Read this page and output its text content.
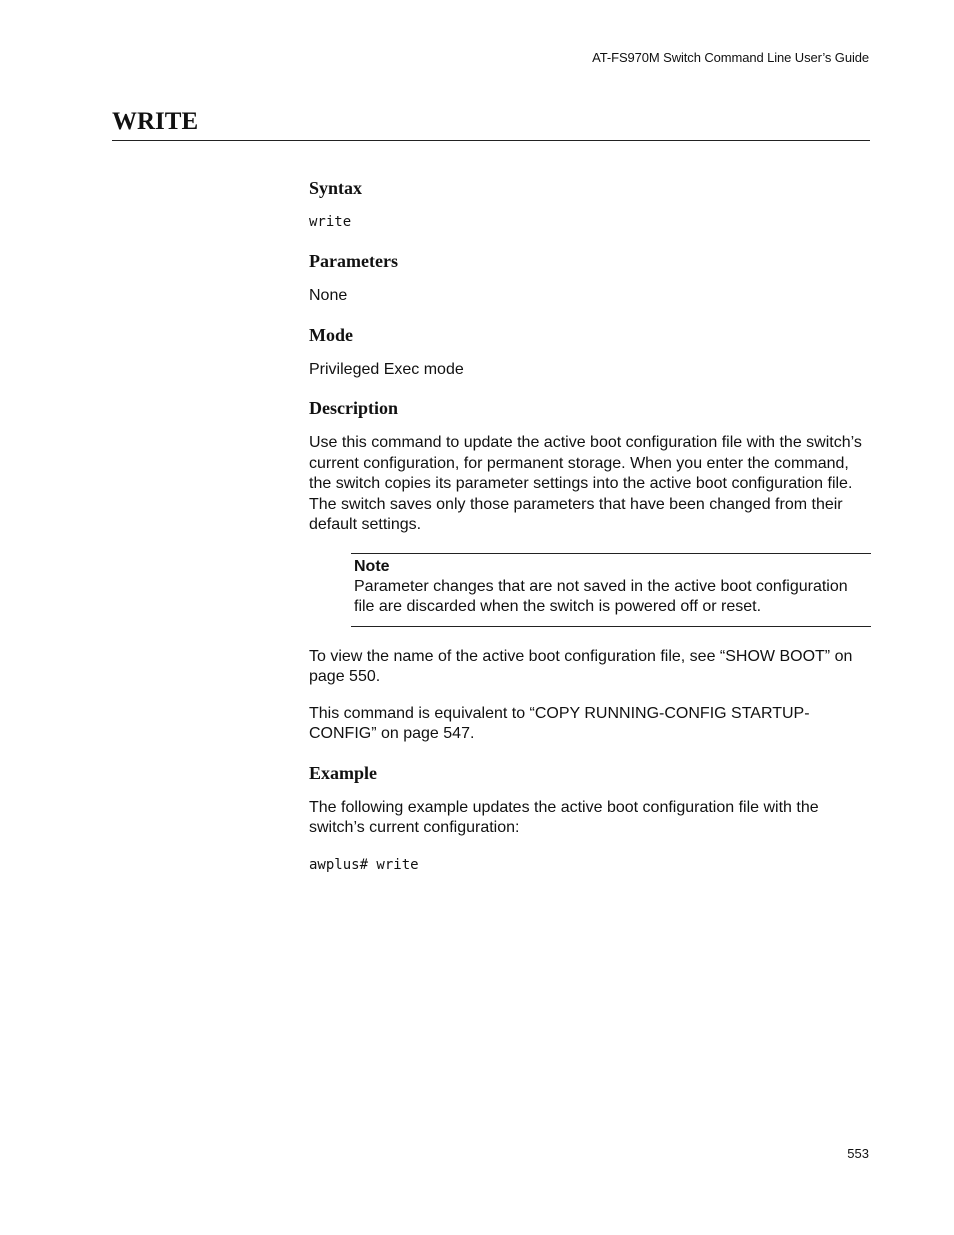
AT-FS970M Switch Command Line User’s Guide
WRITE
Syntax
write
Parameters
None
Mode
Privileged Exec mode
Description
Use this command to update the active boot configuration file with the switch’s current configuration, for permanent storage. When you enter the command, the switch copies its parameter settings into the active boot configuration file. The switch saves only those parameters that have been changed from their default settings.
Note
Parameter changes that are not saved in the active boot configuration file are discarded when the switch is powered off or reset.
To view the name of the active boot configuration file, see “SHOW BOOT” on page 550.
This command is equivalent to “COPY RUNNING-CONFIG STARTUP-CONFIG” on page 547.
Example
The following example updates the active boot configuration file with the switch’s current configuration:
awplus# write
553
